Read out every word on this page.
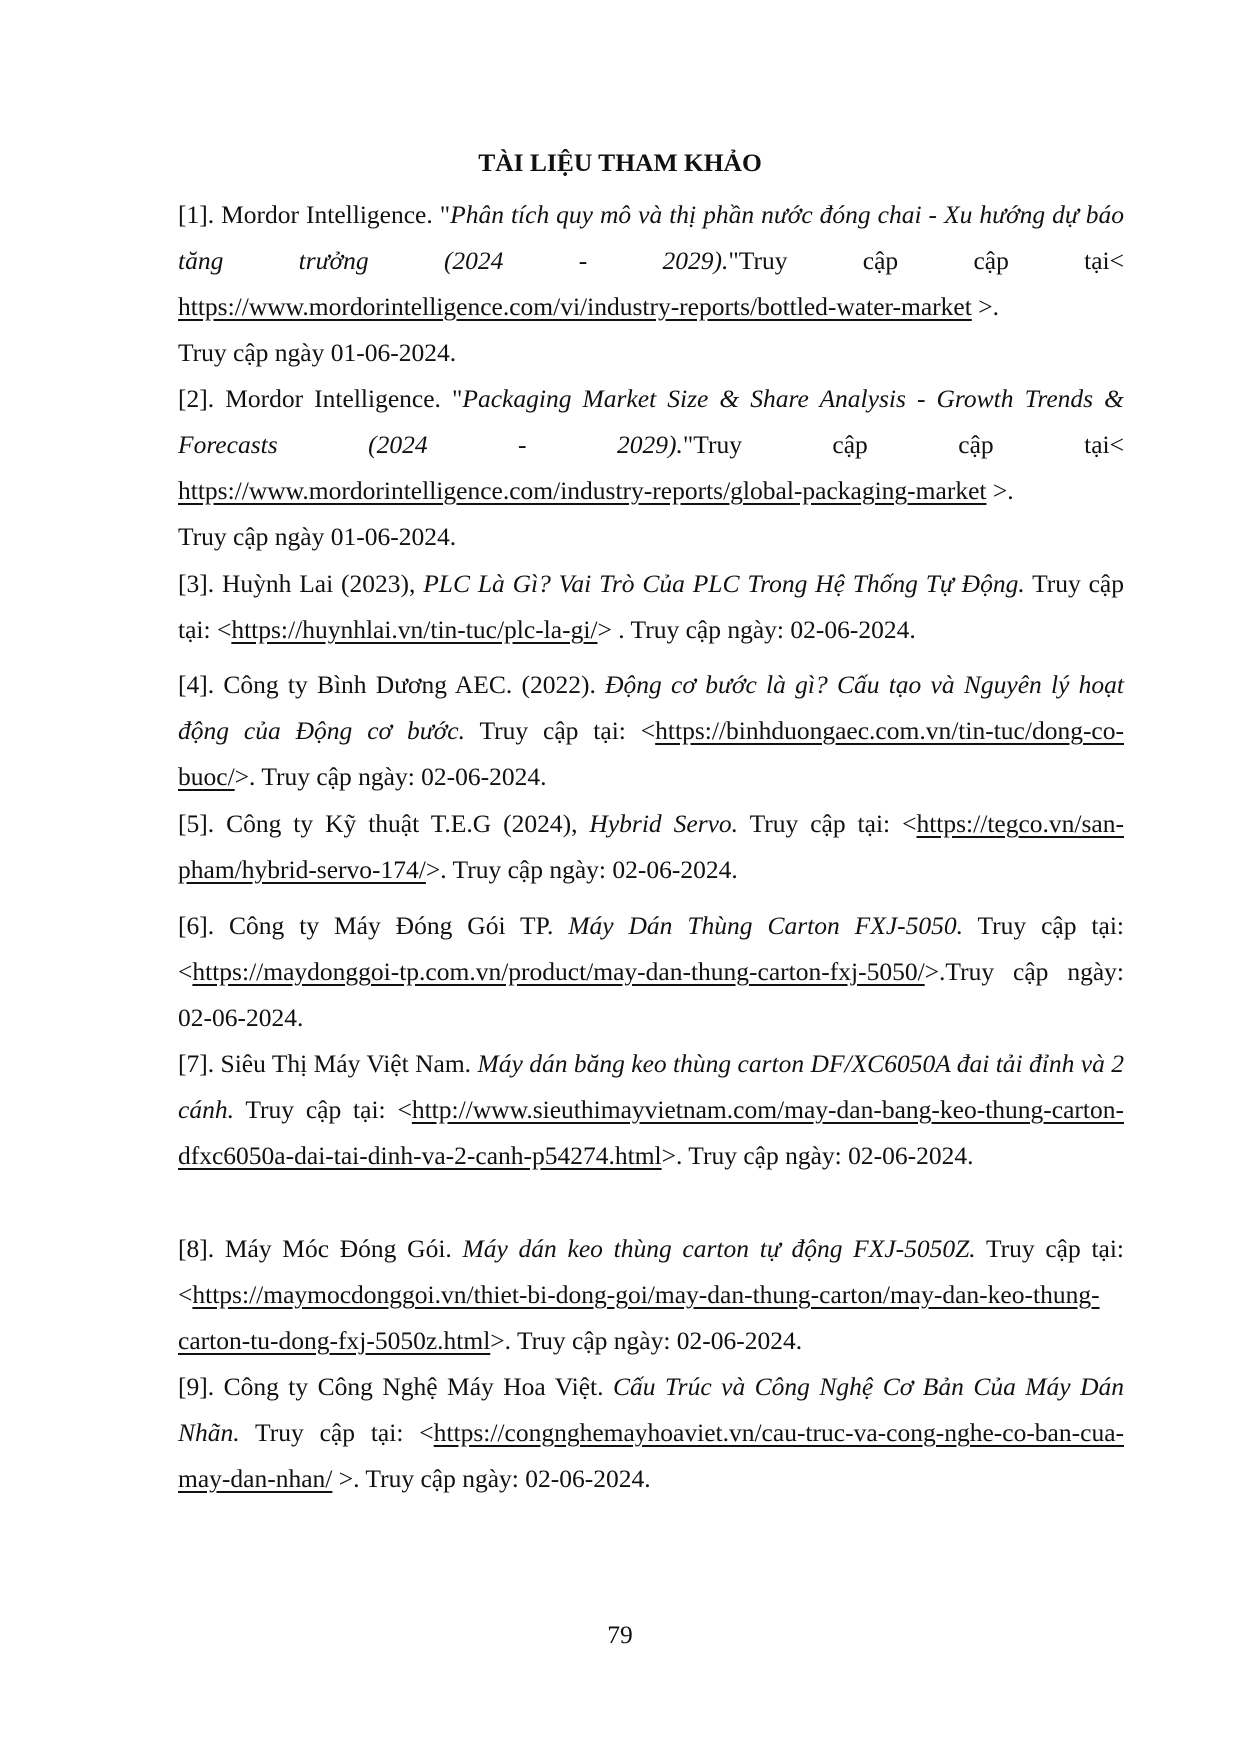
TÀI LIỆU THAM KHẢO
[1]. Mordor Intelligence. "Phân tích quy mô và thị phần nước đóng chai - Xu hướng dự báo tăng trưởng (2024 - 2029)."Truy cập cập tại< https://www.mordorintelligence.com/vi/industry-reports/bottled-water-market >.
Truy cập ngày 01-06-2024.
[2]. Mordor Intelligence. "Packaging Market Size & Share Analysis - Growth Trends & Forecasts (2024 - 2029)."Truy cập cập tại< https://www.mordorintelligence.com/industry-reports/global-packaging-market >.
Truy cập ngày 01-06-2024.
[3]. Huỳnh Lai (2023), PLC Là Gì? Vai Trò Của PLC Trong Hệ Thống Tự Động. Truy cập tại: <https://huynhlai.vn/tin-tuc/plc-la-gi/> . Truy cập ngày: 02-06-2024.
[4]. Công ty Bình Dương AEC. (2022). Động cơ bước là gì? Cấu tạo và Nguyên lý hoạt động của Động cơ bước. Truy cập tại: <https://binhduongaec.com.vn/tin-tuc/dong-co-buoc/>. Truy cập ngày: 02-06-2024.
[5]. Công ty Kỹ thuật T.E.G (2024), Hybrid Servo. Truy cập tại: <https://tegco.vn/san-pham/hybrid-servo-174/>. Truy cập ngày: 02-06-2024.
[6]. Công ty Máy Đóng Gói TP. Máy Dán Thùng Carton FXJ-5050. Truy cập tại:<https://maydonggoi-tp.com.vn/product/may-dan-thung-carton-fxj-5050/>.Truy cập ngày: 02-06-2024.
[7]. Siêu Thị Máy Việt Nam. Máy dán băng keo thùng carton DF/XC6050A đai tải đỉnh và 2 cánh. Truy cập tại: <http://www.sieuthimayvietnam.com/may-dan-bang-keo-thung-carton-dfxc6050a-dai-tai-dinh-va-2-canh-p54274.html>. Truy cập ngày: 02-06-2024.
[8]. Máy Móc Đóng Gói. Máy dán keo thùng carton tự động FXJ-5050Z. Truy cập tại: <https://maymocdonggoi.vn/thiet-bi-dong-goi/may-dan-thung-carton/may-dan-keo-thung-carton-tu-dong-fxj-5050z.html>. Truy cập ngày: 02-06-2024.
[9]. Công ty Công Nghệ Máy Hoa Việt. Cấu Trúc và Công Nghệ Cơ Bản Của Máy Dán Nhãn. Truy cập tại: <https://congnghemayhoaviet.vn/cau-truc-va-cong-nghe-co-ban-cua-may-dan-nhan/ >. Truy cập ngày: 02-06-2024.
79
